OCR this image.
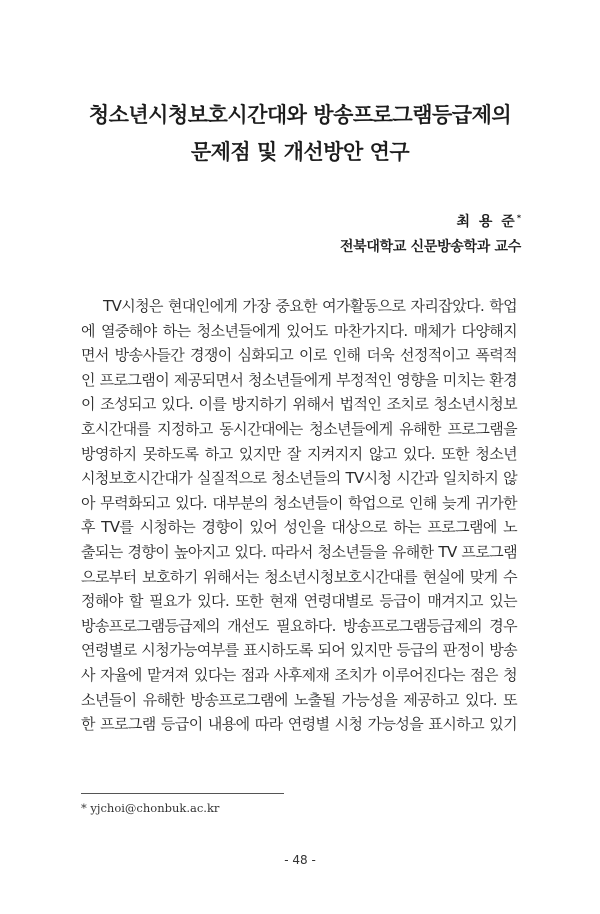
청소년시청보호시간대와 방송프로그램등급제의
문제점 및 개선방안 연구
최 용 준*
전북대학교 신문방송학과 교수
TV시청은 현대인에게 가장 중요한 여가활동으로 자리잡았다. 학업
에 열중해야 하는 청소년들에게 있어도 마찬가지다. 매체가 다양해지
면서 방송사들간 경쟁이 심화되고 이로 인해 더욱 선정적이고 폭력적
인 프로그램이 제공되면서 청소년들에게 부정적인 영향을 미치는 환경
이 조성되고 있다. 이를 방지하기 위해서 법적인 조치로 청소년시청보
호시간대를 지정하고 동시간대에는 청소년들에게 유해한 프로그램을
방영하지 못하도록 하고 있지만 잘 지켜지지 않고 있다. 또한 청소년
시청보호시간대가 실질적으로 청소년들의 TV시청 시간과 일치하지 않
아 무력화되고 있다. 대부분의 청소년들이 학업으로 인해 늦게 귀가한
후 TV를 시청하는 경향이 있어 성인을 대상으로 하는 프로그램에 노
출되는 경향이 높아지고 있다. 따라서 청소년들을 유해한 TV 프로그램
으로부터 보호하기 위해서는 청소년시청보호시간대를 현실에 맞게 수
정해야 할 필요가 있다. 또한 현재 연령대별로 등급이 매겨지고 있는
방송프로그램등급제의 개선도 필요하다. 방송프로그램등급제의 경우
연령별로 시청가능여부를 표시하도록 되어 있지만 등급의 판정이 방송
사 자율에 맡겨져 있다는 점과 사후제재 조치가 이루어진다는 점은 청
소년들이 유해한 방송프로그램에 노출될 가능성을 제공하고 있다. 또
한 프로그램 등급이 내용에 따라 연령별 시청 가능성을 표시하고 있기
* yjchoi@chonbuk.ac.kr
- 48 -
